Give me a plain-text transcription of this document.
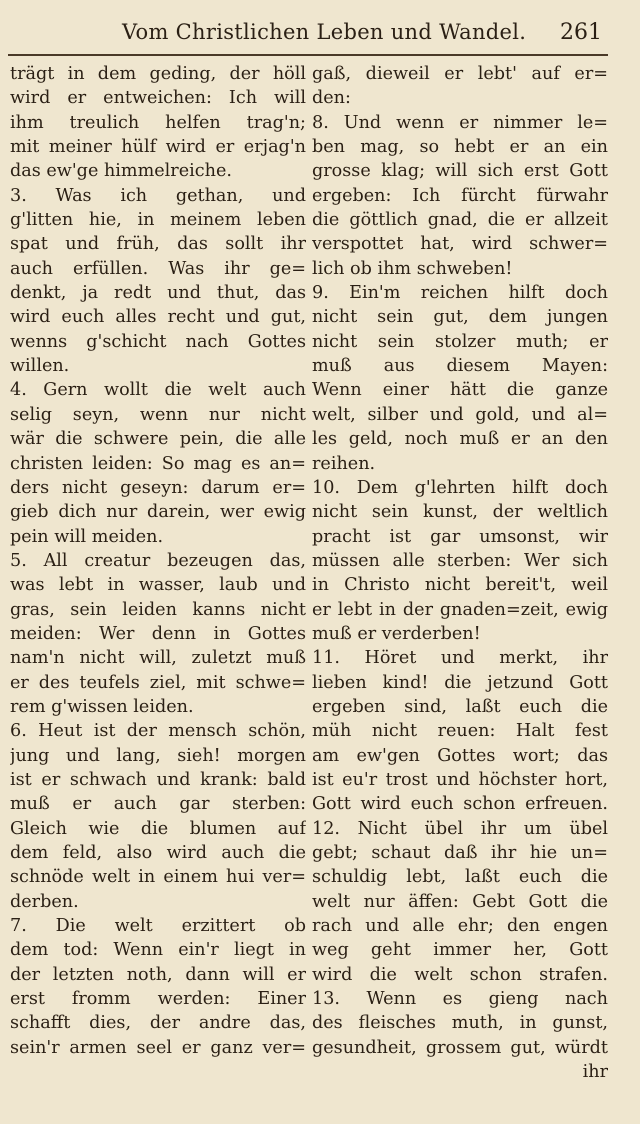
Vom Christlichen Leben und Wandel. 261
trägt in dem geding, der höll
wird er entweichen: Ich will
ihm treulich helfen trag'n;
mit meiner hülf wird er erjag'n
das ew'ge himmelreiche.
3. Was ich gethan, und
g'litten hie, in meinem leben
spat und früh, das sollt ihr
auch erfüllen. Was ihr ge=
denkt, ja redt und thut, das
wird euch alles recht und gut,
wenns g'schicht nach Gottes
willen.
4. Gern wollt die welt auch
selig seyn, wenn nur nicht
wär die schwere pein, die alle
christen leiden: So mag es an=
ders nicht geseyn: darum er=
gieb dich nur darein, wer ewig
pein will meiden.
5. All creatur bezeugen das,
was lebt in wasser, laub und
gras, sein leiden kanns nicht
meiden: Wer denn in Gottes
nam'n nicht will, zuletzt muß
er des teufels ziel, mit schwe=
rem g'wissen leiden.
6. Heut ist der mensch schön,
jung und lang, sieh! morgen
ist er schwach und krank: bald
muß er auch gar sterben:
Gleich wie die blumen auf
dem feld, also wird auch die
schnöde welt in einem hui ver=
derben.
7. Die welt erzittert ob
dem tod: Wenn ein'r liegt in
der letzten noth, dann will er
erst fromm werden: Einer
schafft dies, der andre das,
sein'r armen seel er ganz ver=
gaß, dieweil er lebt' auf er=
den:
8. Und wenn er nimmer le=
ben mag, so hebt er an ein
grosse klag; will sich erst Gott
ergeben: Ich fürcht fürwahr
die göttlich gnad, die er allzeit
verspottet hat, wird schwer=
lich ob ihm schweben!
9. Ein'm reichen hilft doch
nicht sein gut, dem jungen
nicht sein stolzer muth; er
muß aus diesem Mayen:
Wenn einer hätt die ganze
welt, silber und gold, und al=
les geld, noch muß er an den
reihen.
10. Dem g'lehrten hilft doch
nicht sein kunst, der weltlich
pracht ist gar umsonst, wir
müssen alle sterben: Wer sich
in Christo nicht bereit't, weil
er lebt in der gnaden=zeit, ewig
muß er verderben!
11. Höret und merkt, ihr
lieben kind! die jetzund Gott
ergeben sind, laßt euch die
müh nicht reuen: Halt fest
am ew'gen Gottes wort; das
ist eu'r trost und höchster hort,
Gott wird euch schon erfreuen.
12. Nicht übel ihr um übel
gebt; schaut daß ihr hie un=
schuldig lebt, laßt euch die
welt nur äffen: Gebt Gott die
rach und alle ehr; den engen
weg geht immer her, Gott
wird die welt schon strafen.
13. Wenn es gieng nach
des fleisches muth, in gunst,
gesundheit, grossem gut, würdt
ihr
